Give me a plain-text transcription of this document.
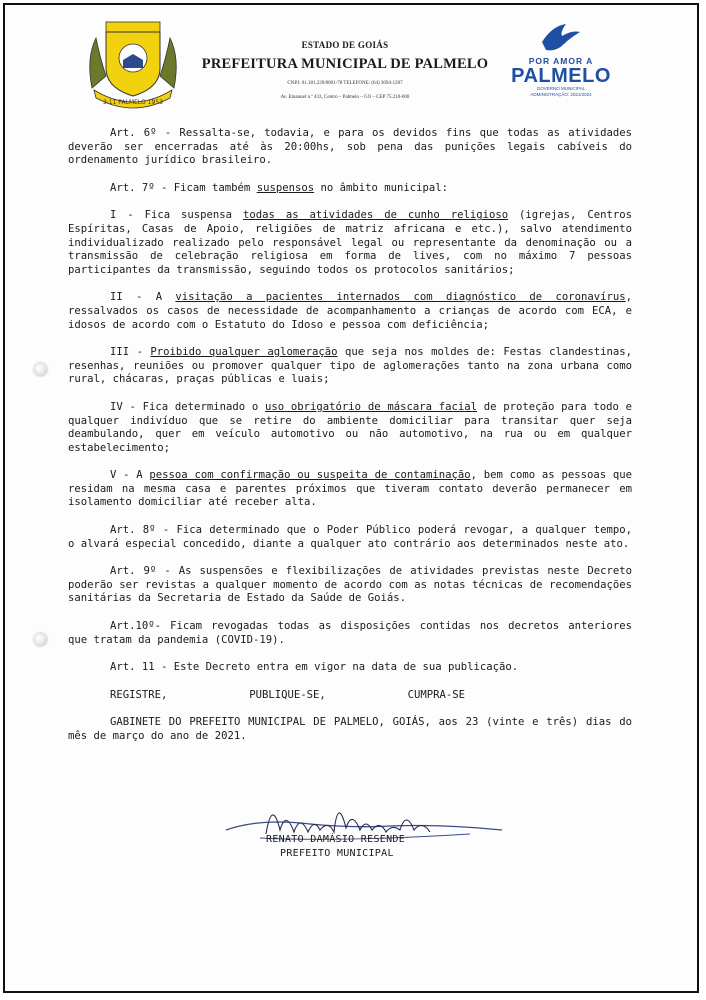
3·11 PALMELO 1953
ESTADO DE GOIÁS
PREFEITURA MUNICIPAL DE PALMELO
CNPJ: 01.181.239/0001-78 TELEFONE: (64) 3094-1207
Av. Emanuel n.º 433, Centro – Palmelo – GO – CEP 75.210-000
POR AMOR A
PALMELO
GOVERNO MUNICIPAL
ADMINISTRAÇÃO: 2021/2024

Art. 6º - Ressalta-se, todavia, e para os devidos fins que todas as atividades deverão ser encerradas até às 20:00hs, sob pena das punições legais cabíveis do ordenamento jurídico brasileiro.

Art. 7º - Ficam também suspensos no âmbito municipal:

I - Fica suspensa todas as atividades de cunho religioso (igrejas, Centros Espíritas, Casas de Apoio, religiões de matriz africana e etc.), salvo atendimento individualizado realizado pelo responsável legal ou representante da denominação ou a transmissão de celebração religiosa em forma de lives, com no máximo 7 pessoas participantes da transmissão, seguindo todos os protocolos sanitários;

II - A visitação a pacientes internados com diagnóstico de coronavírus, ressalvados os casos de necessidade de acompanhamento a crianças de acordo com ECA, e idosos de acordo com o Estatuto do Idoso e pessoa com deficiência;

III - Proibido qualquer aglomeração que seja nos moldes de: Festas clandestinas, resenhas, reuniões ou promover qualquer tipo de aglomerações tanto na zona urbana como rural, chácaras, praças públicas e luais;

IV - Fica determinado o uso obrigatório de máscara facial de proteção para todo e qualquer indivíduo que se retire do ambiente domiciliar para transitar quer seja deambulando, quer em veículo automotivo ou não automotivo, na rua ou em qualquer estabelecimento;

V - A pessoa com confirmação ou suspeita de contaminação, bem como as pessoas que residam na mesma casa e parentes próximos que tiveram contato deverão permanecer em isolamento domiciliar até receber alta.

Art. 8º - Fica determinado que o Poder Público poderá revogar, a qualquer tempo, o alvará especial concedido, diante a qualquer ato contrário aos determinados neste ato.

Art. 9º - As suspensões e flexibilizações de atividades previstas neste Decreto poderão ser revistas a qualquer momento de acordo com as notas técnicas de recomendações sanitárias da Secretaria de Estado da Saúde de Goiás.

Art.10º- Ficam revogadas todas as disposições contidas nos decretos anteriores que tratam da pandemia (COVID-19).

Art. 11 - Este Decreto entra em vigor na data de sua publicação.

REGISTRE,	PUBLIQUE-SE,	CUMPRA-SE

GABINETE DO PREFEITO MUNICIPAL DE PALMELO, GOIÁS, aos 23 (vinte e três) dias do mês de março do ano de 2021.

RENATO DAMÁSIO RESENDE
PREFEITO MUNICIPAL
